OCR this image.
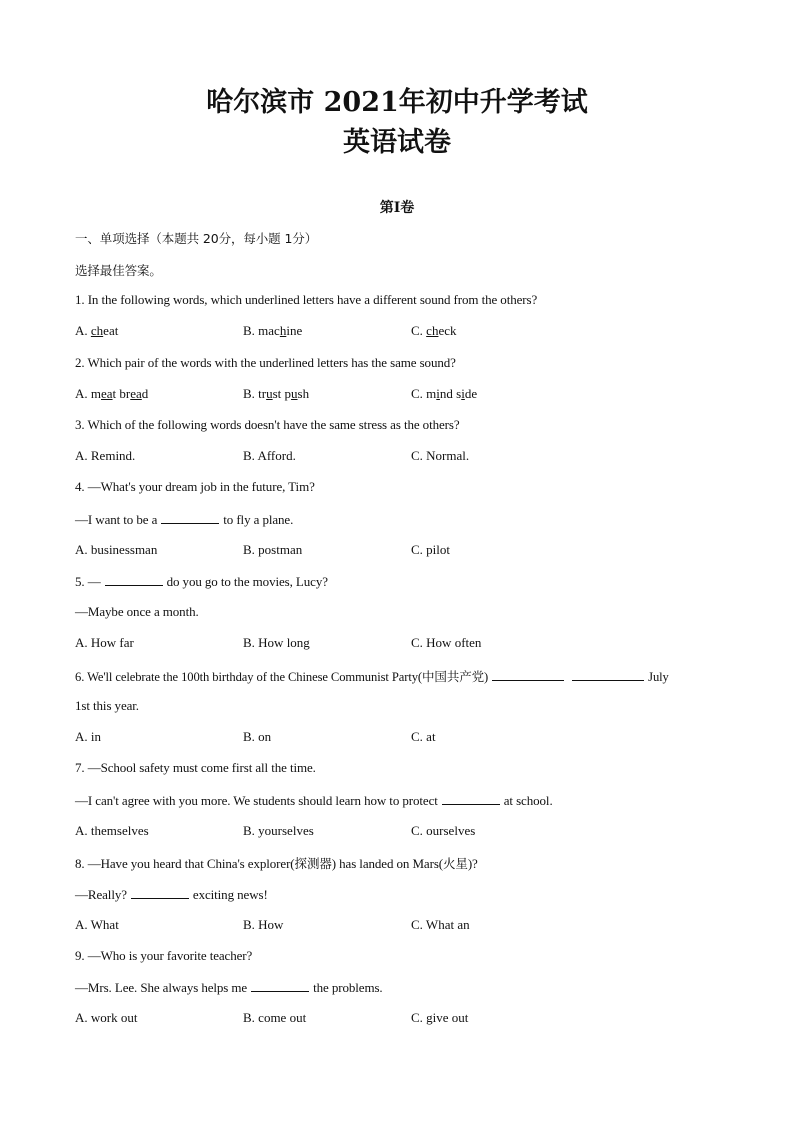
哈尔滨市 2021年初中升学考试
英语试卷
第I卷
一、单项选择（本题共 20分，每小题 1分）
选择最佳答案。
1. In the following words, which underlined letters have a different sound from the others?
A. cheat	B. machine	C. check
2. Which pair of the words with the underlined letters has the same sound?
A. meat bread	B. trust push	C. mind side
3. Which of the following words doesn't have the same stress as the others?
A. Remind.	B. Afford.	C. Normal.
4. —What's your dream job in the future, Tim?
—I want to be a	to fly a plane.
A. businessman	B. postman	C. pilot
5. —	do you go to the movies, Lucy?
—Maybe once a month.
A. How far	B. How long	C. How often
6. We'll celebrate the 100th birthday of the Chinese Communist Party(中国共产党)	July
1st this year.
A. in	B. on	C. at
7. —School safety must come first all the time.
—I can't agree with you more. We students should learn how to protect	at school.
A. themselves	B. yourselves	C. ourselves
8. —Have you heard that China's explorer(探测器) has landed on Mars(火星)?
—Really?	exciting news!
A. What	B. How	C. What an
9. —Who is your favorite teacher?
—Mrs. Lee. She always helps me	the problems.
A. work out	B. come out	C. give out
